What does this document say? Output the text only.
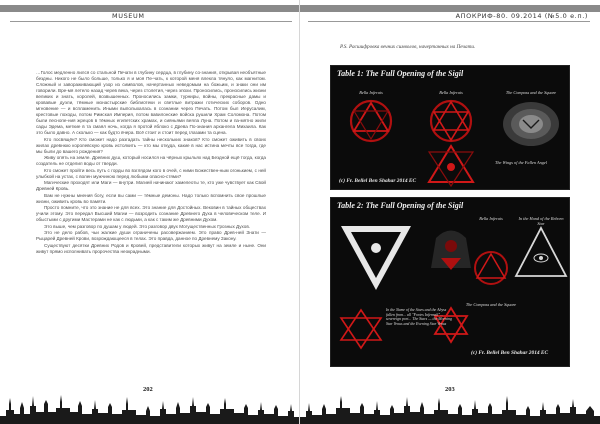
MUSEUM

…Голос медленно лился со стальной Печати в глубину сердца, в глубину со-знания, открывая необъятные бездны. Никого не было больше, только я и моя Пе-чать, к которой меня влекла тянуло, как магнитом. Сложный и завораживающий узор из символов, начертанных неведомым на божьим, и знаки они им говорили. Вре-мя летело назад черев века, через столетия, через эпохи. Проносились, проносились жизни великих и знать, королей, возвышенных. Проносились замки, турниры, войны, прекрасные дамы и кровавые дуэли, тёмные монастырские библиотеки и светлые витражи готических соборов. Одно мгновение — и вспламенить Иными выполыхалась в сознании через Печать. Потом был Иерусалим, крестовые походы, потом Римская Империя, потом вавилонские войска рушили Храм Соломона. Потом были песнопе-ния жрецов в тёмных египетских храмах, и сияньями веяла Луна. Потом и па-мятно жили сады Эдема, меткие в та смаял ночь, когда я протой яблоко с Древа По-знания архангела Михаила. Как это было давно. А сколько — как будто вчера. Всё стоит и стоит перед глазами та сцена.

Кто посвящён? Кто сможет надо разгадать тайны несколькиx знаков? Кто сможет оживить в своих жилах древнюю королевскую кровь истолкить — кто мы откуда, какие в нас истина мечты все тогда, где мы были до вашего рождения?

Живу опять на земле. Древних душ, который носился на чёрных крыльях над Бездной ещё тогда, когда создатель не отделил воды от тверди.

Кто сможет пройти весь путь с горды во взглядом кого в очей, с ними Божествен-ным огонькием, с ней улыбкой на устах, с волен мужчиною перед любыми опасно-стями?

Магические проходят или Маги — внутри. Магией начинают хамелеоты те, кто уже чувствует как Свой Древней Кровь.

Вам не нужны мнения богу, если вы сами — тёмные демоны. Надо только вспомнить свое прошлые жизни, оживить кровь во памяти.

Просто помните, что это знание не для всех. Это знание для Достойных. Вековин в тайных обществах учили этому. Это передал Высший Магии — возродить сознание Древнего Духа в человеческом теле. И обыстыми с другими Мастерами не как с людьми, а как с таким же Древними Духом.

Это выше, чем разговор по душам у людей. Это разговор двух Могущественных Грозных Духов.

Это не дело рабов, чьи жалкие души ограничены расовержанием. Это право Древ-ней Знати — Рыцарей Древней Крови, возрождающееся в телах. Это правда, данное по Древнему Закону.

Существуют десятки Древних Родов и Кровей, представители которых живут на земле и ныне. Они живут прямо исполнивать пророчества неокрадными.

202
АПОКРИФ-80. 09.2014 (№5.0 е.п.)
P.S. Расшифровка вечних символов, начертанных на Печати.
Table 1: The Full Opening of the Sigil
Bella Inferais	Bella Inferais	The Compass and the Square
The Wings of the Fallen Angel
(c) Fr. Bellel Ben Shahar 2014 EC
Table 2: The Full Opening of the Sigil
Bella Inferais
The Compass and the Square
In the Hand of the Reborn Star
In the Name of the Stars and the Abyss fallen from... all "Fortes Infernali"... sovereign port... The Stars — the Morning Star Venus and the Evening Star Venus
(c) Fr. Bellel Ben Shahar 2014 EC
203
